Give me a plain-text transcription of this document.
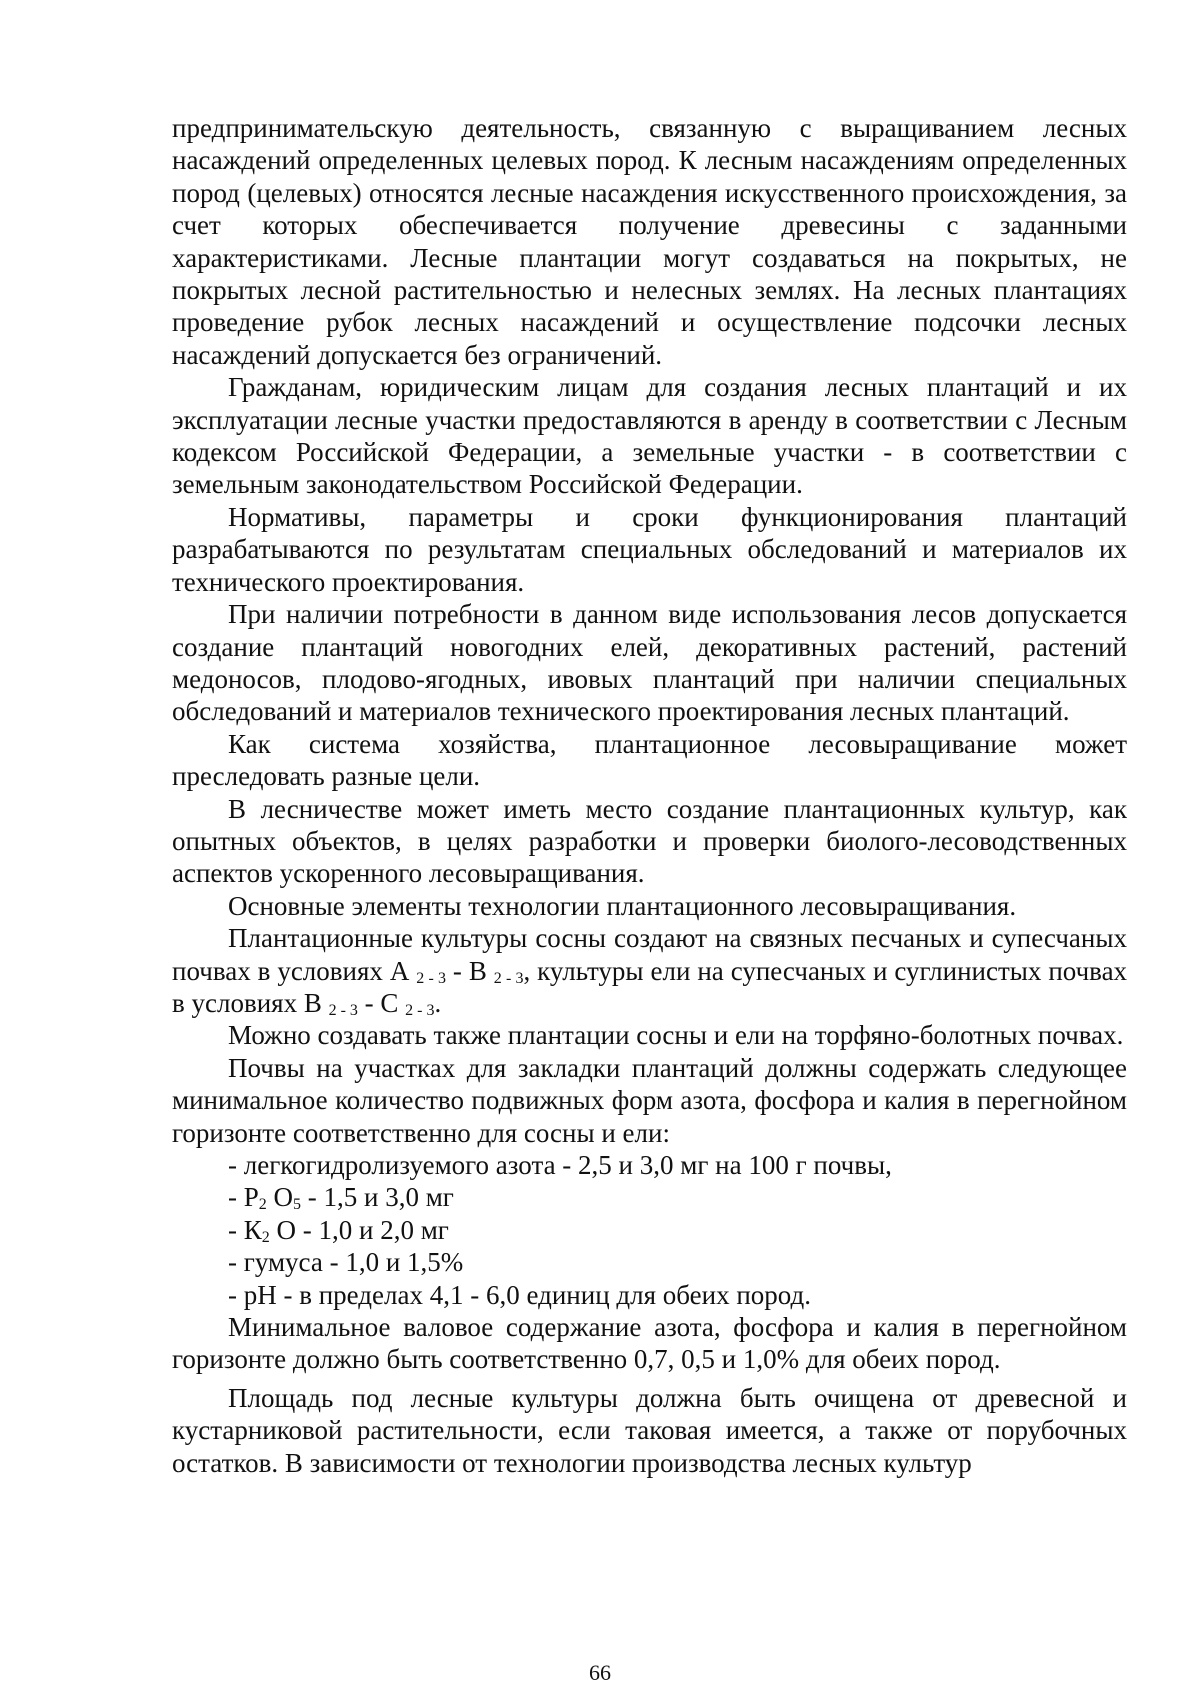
предпринимательскую деятельность, связанную с выращиванием лесных насаждений определенных целевых пород. К лесным насаждениям определенных пород (целевых) относятся лесные насаждения искусственного происхождения, за счет которых обеспечивается получение древесины с заданными характеристиками. Лесные плантации могут создаваться на покрытых, не покрытых лесной растительностью и нелесных землях. На лесных плантациях проведение рубок лесных насаждений и осуществление подсочки лесных насаждений допускается без ограничений.

Гражданам, юридическим лицам для создания лесных плантаций и их эксплуатации лесные участки предоставляются в аренду в соответствии с Лесным кодексом Российской Федерации, а земельные участки - в соответствии с земельным законодательством Российской Федерации.

Нормативы, параметры и сроки функционирования плантаций разрабатываются по результатам специальных обследований и материалов их технического проектирования.

При наличии потребности в данном виде использования лесов допускается создание плантаций новогодних елей, декоративных растений, растений медоносов, плодово-ягодных, ивовых плантаций при наличии специальных обследований и материалов технического проектирования лесных плантаций.

Как система хозяйства, плантационное лесовыращивание может преследовать разные цели.

В лесничестве может иметь место создание плантационных культур, как опытных объектов, в целях разработки и проверки биолого-лесоводственных аспектов ускоренного лесовыращивания.

Основные элементы технологии плантационного лесовыращивания.

Плантационные культуры сосны создают на связных песчаных и супесчаных почвах в условиях А $_{2 - 3}$ - В $_{2 - 3}$, культуры ели на супесчаных и суглинистых почвах в условиях В $_{2 - 3}$ - С $_{2 - 3}$.

Можно создавать также плантации сосны и ели на торфяно-болотных почвах.

Почвы на участках для закладки плантаций должны содержать следующее минимальное количество подвижных форм азота, фосфора и калия в перегнойном горизонте соответственно для сосны и ели:

- легкогидролизуемого азота - 2,5 и 3,0 мг на 100 г почвы,

- $Р_2$ $О_5 - 1,5$ и 3,0 мг

- $К_2$ О - 1,0 и 2,0 мг

- гумуса - 1,0 и 1,5%

- рН - в пределах 4,1 - 6,0 единиц для обеих пород.

Минимальное валовое содержание азота, фосфора и калия в перегнойном горизонте должно быть соответственно 0,7, 0,5 и 1,0% для обеих пород.

Площадь под лесные культуры должна быть очищена от древесной и кустарниковой растительности, если таковая имеется, а также от порубочных остатков. В зависимости от технологии производства лесных культур

66
